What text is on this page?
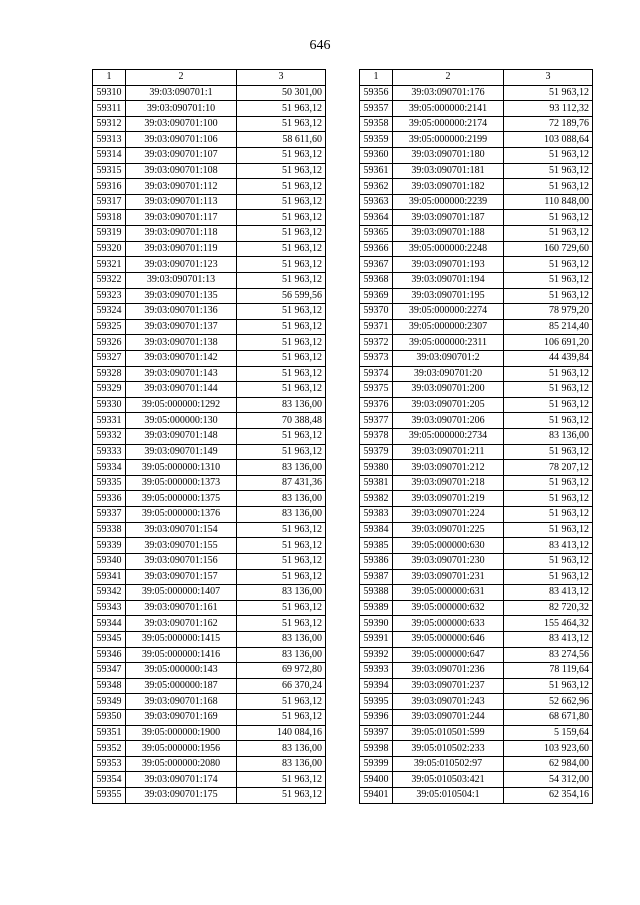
646
1	2	3
59310	39:03:090701:1	50 301,00
59311	39:03:090701:10	51 963,12
59312	39:03:090701:100	51 963,12
59313	39:03:090701:106	58 611,60
59314	39:03:090701:107	51 963,12
59315	39:03:090701:108	51 963,12
59316	39:03:090701:112	51 963,12
59317	39:03:090701:113	51 963,12
59318	39:03:090701:117	51 963,12
59319	39:03:090701:118	51 963,12
59320	39:03:090701:119	51 963,12
59321	39:03:090701:123	51 963,12
59322	39:03:090701:13	51 963,12
59323	39:03:090701:135	56 599,56
59324	39:03:090701:136	51 963,12
59325	39:03:090701:137	51 963,12
59326	39:03:090701:138	51 963,12
59327	39:03:090701:142	51 963,12
59328	39:03:090701:143	51 963,12
59329	39:03:090701:144	51 963,12
59330	39:05:000000:1292	83 136,00
59331	39:05:000000:130	70 388,48
59332	39:03:090701:148	51 963,12
59333	39:03:090701:149	51 963,12
59334	39:05:000000:1310	83 136,00
59335	39:05:000000:1373	87 431,36
59336	39:05:000000:1375	83 136,00
59337	39:05:000000:1376	83 136,00
59338	39:03:090701:154	51 963,12
59339	39:03:090701:155	51 963,12
59340	39:03:090701:156	51 963,12
59341	39:03:090701:157	51 963,12
59342	39:05:000000:1407	83 136,00
59343	39:03:090701:161	51 963,12
59344	39:03:090701:162	51 963,12
59345	39:05:000000:1415	83 136,00
59346	39:05:000000:1416	83 136,00
59347	39:05:000000:143	69 972,80
59348	39:05:000000:187	66 370,24
59349	39:03:090701:168	51 963,12
59350	39:03:090701:169	51 963,12
59351	39:05:000000:1900	140 084,16
59352	39:05:000000:1956	83 136,00
59353	39:05:000000:2080	83 136,00
59354	39:03:090701:174	51 963,12
59355	39:03:090701:175	51 963,12
1	2	3
59356	39:03:090701:176	51 963,12
59357	39:05:000000:2141	93 112,32
59358	39:05:000000:2174	72 189,76
59359	39:05:000000:2199	103 088,64
59360	39:03:090701:180	51 963,12
59361	39:03:090701:181	51 963,12
59362	39:03:090701:182	51 963,12
59363	39:05:000000:2239	110 848,00
59364	39:03:090701:187	51 963,12
59365	39:03:090701:188	51 963,12
59366	39:05:000000:2248	160 729,60
59367	39:03:090701:193	51 963,12
59368	39:03:090701:194	51 963,12
59369	39:03:090701:195	51 963,12
59370	39:05:000000:2274	78 979,20
59371	39:05:000000:2307	85 214,40
59372	39:05:000000:2311	106 691,20
59373	39:03:090701:2	44 439,84
59374	39:03:090701:20	51 963,12
59375	39:03:090701:200	51 963,12
59376	39:03:090701:205	51 963,12
59377	39:03:090701:206	51 963,12
59378	39:05:000000:2734	83 136,00
59379	39:03:090701:211	51 963,12
59380	39:03:090701:212	78 207,12
59381	39:03:090701:218	51 963,12
59382	39:03:090701:219	51 963,12
59383	39:03:090701:224	51 963,12
59384	39:03:090701:225	51 963,12
59385	39:05:000000:630	83 413,12
59386	39:03:090701:230	51 963,12
59387	39:03:090701:231	51 963,12
59388	39:05:000000:631	83 413,12
59389	39:05:000000:632	82 720,32
59390	39:05:000000:633	155 464,32
59391	39:05:000000:646	83 413,12
59392	39:05:000000:647	83 274,56
59393	39:03:090701:236	78 119,64
59394	39:03:090701:237	51 963,12
59395	39:03:090701:243	52 662,96
59396	39:03:090701:244	68 671,80
59397	39:05:010501:599	5 159,64
59398	39:05:010502:233	103 923,60
59399	39:05:010502:97	62 984,00
59400	39:05:010503:421	54 312,00
59401	39:05:010504:1	62 354,16
